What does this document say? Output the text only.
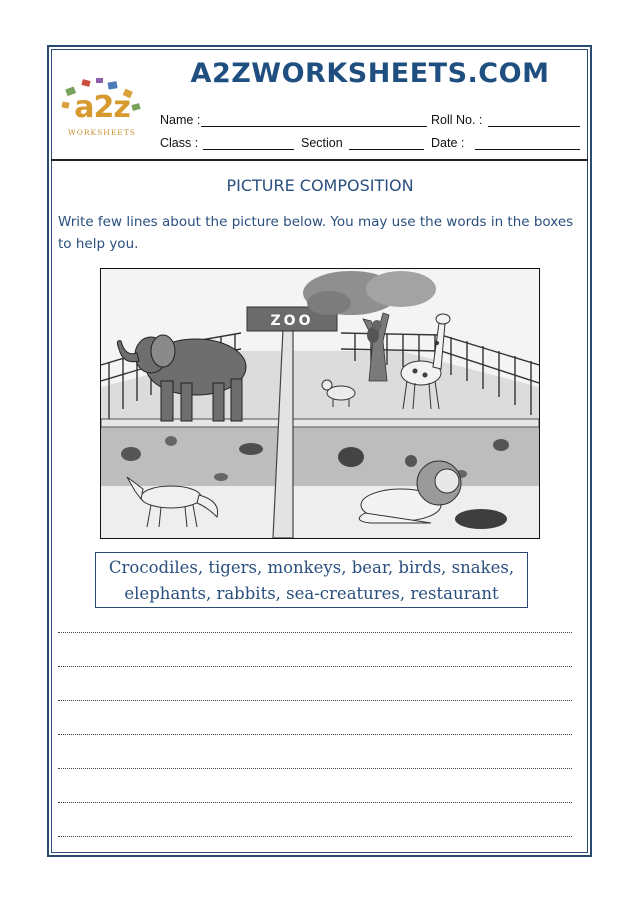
a2z
WORKSHEETS
A2ZWORKSHEETS.COM
Name :	Roll No. :
Class :	Section	Date :
PICTURE COMPOSITION
Write few lines about the picture below. You may use the words in the boxes to help you.
ZOO
Crocodiles, tigers, monkeys, bear, birds, snakes,
elephants, rabbits, sea-creatures, restaurant
